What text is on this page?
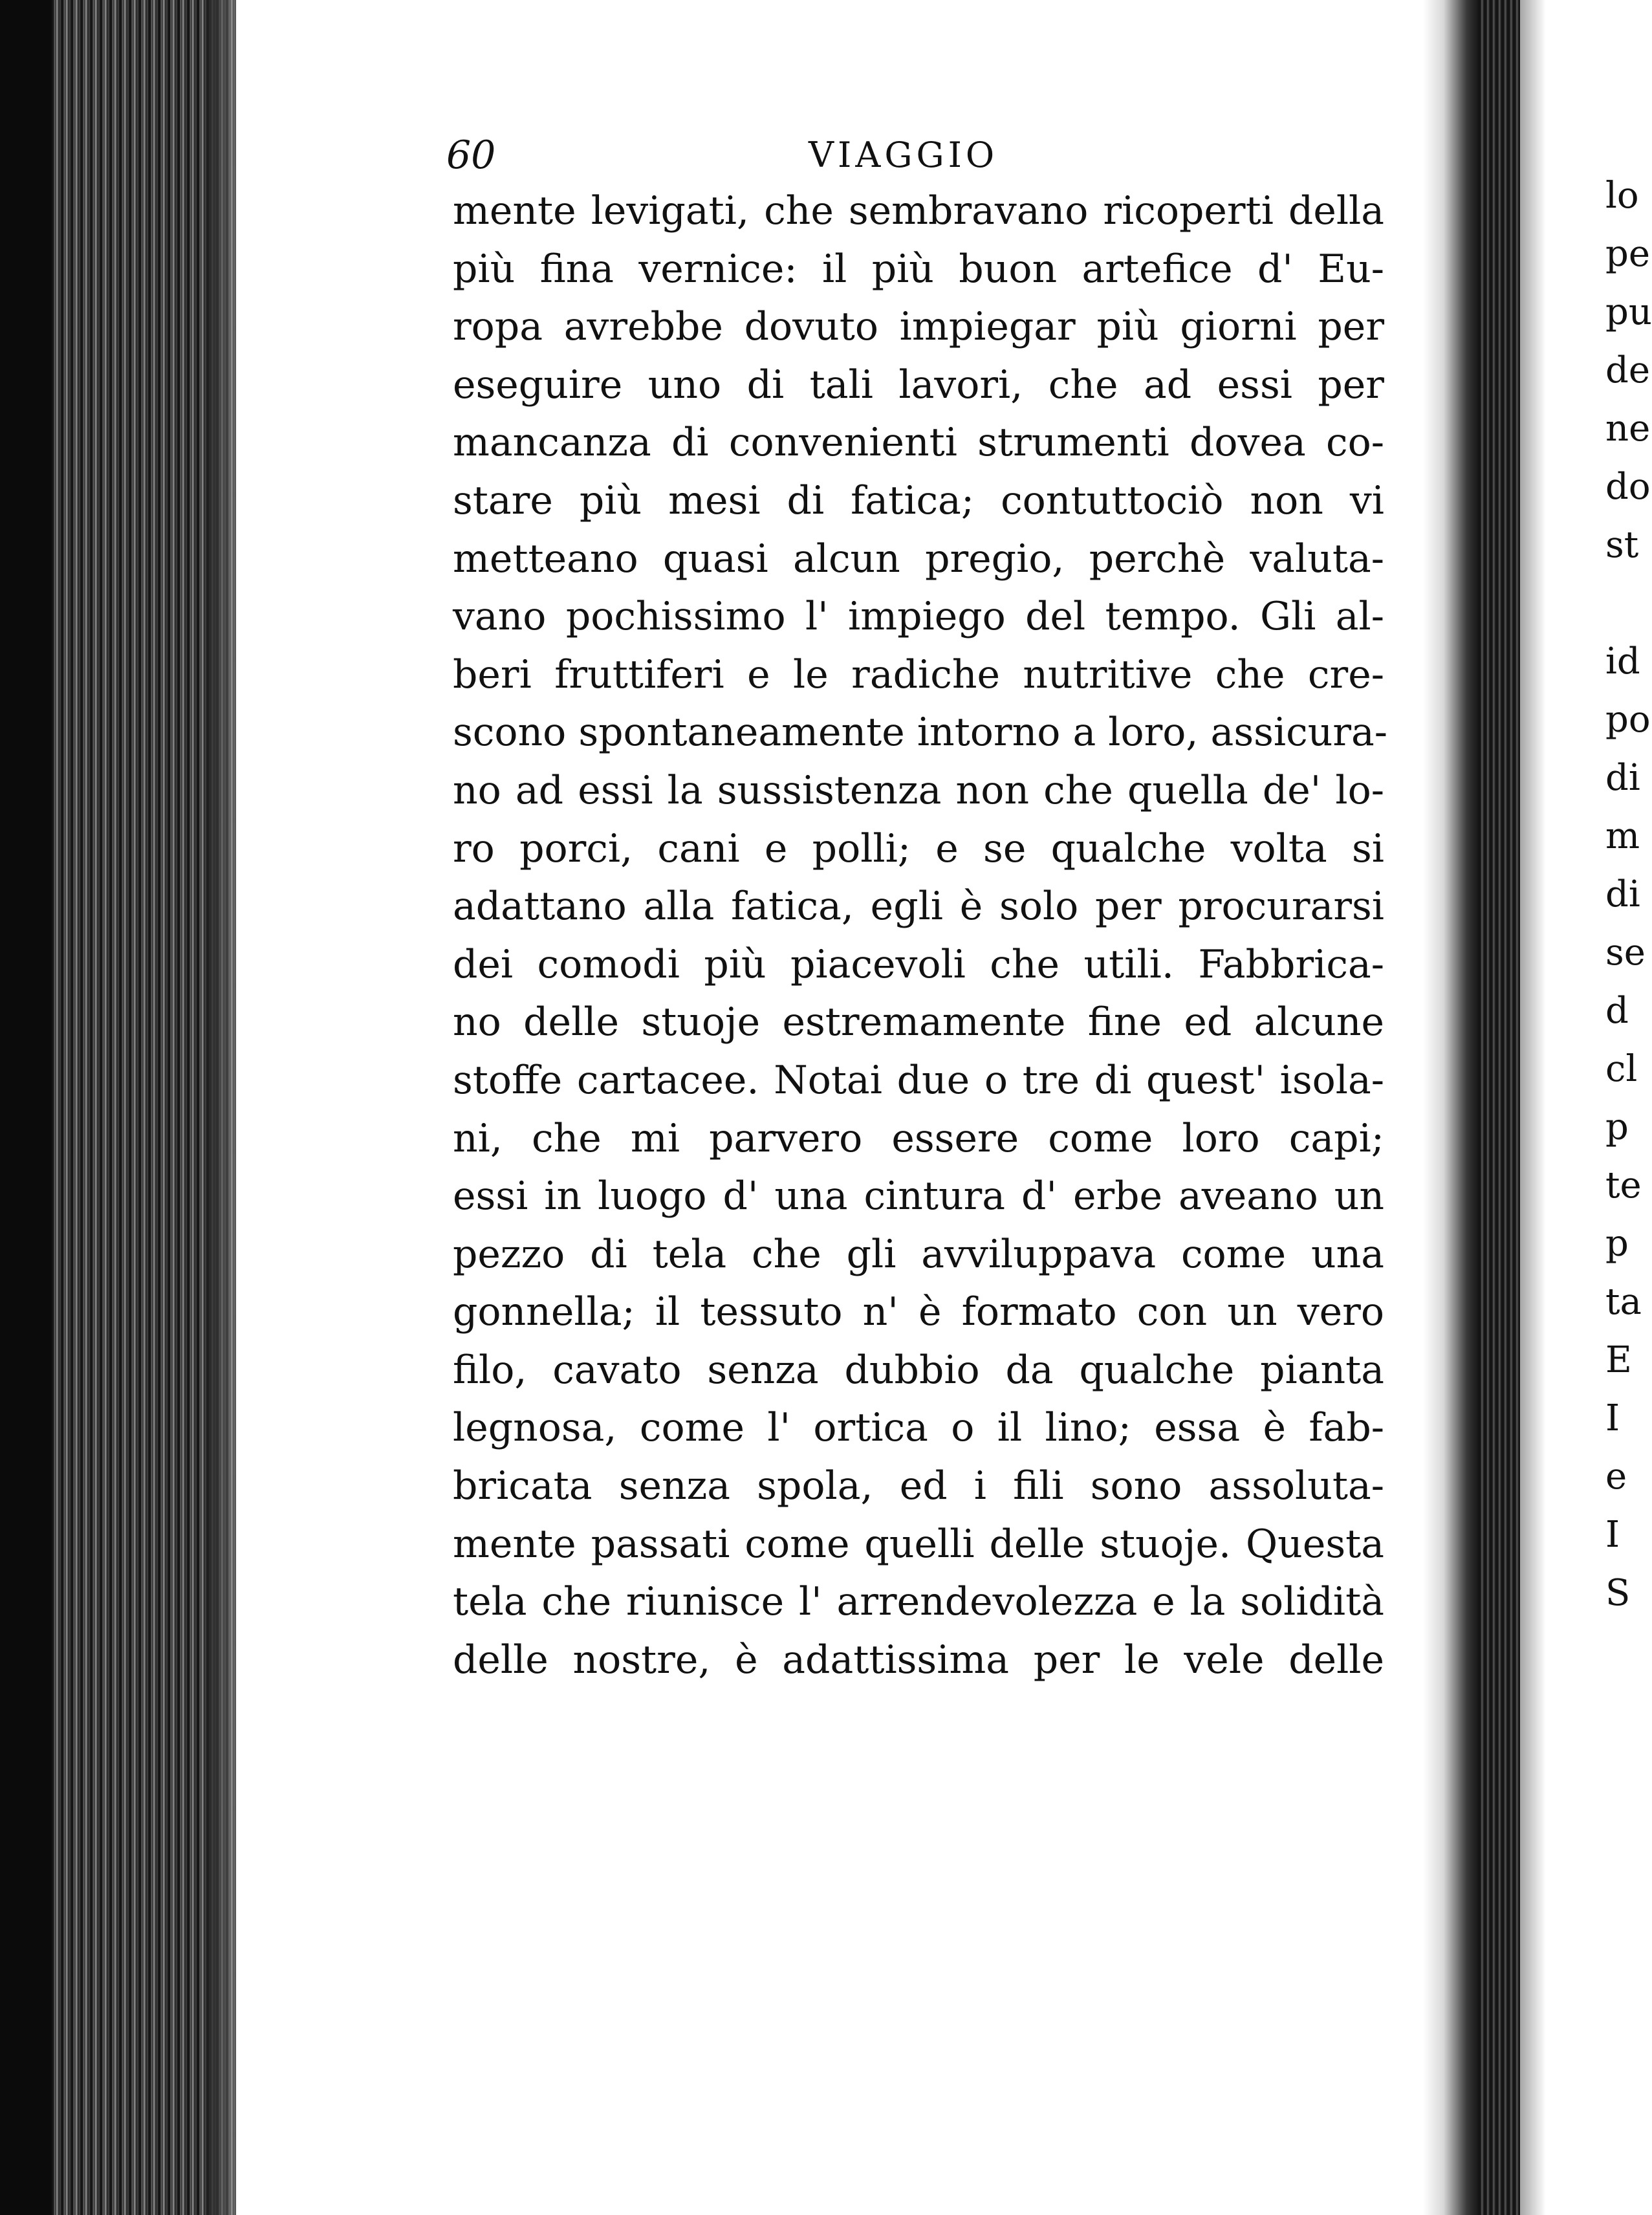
60	VIAGGIO
mente levigati, che sembravano ricoperti della
più fina vernice: il più buon artefice d' Eu-
ropa avrebbe dovuto impiegar più giorni per
eseguire uno di tali lavori, che ad essi per
mancanza di convenienti strumenti dovea co-
stare più mesi di fatica; contuttociò non vi
metteano quasi alcun pregio, perchè valuta-
vano pochissimo l' impiego del tempo. Gli al-
beri fruttiferi e le radiche nutritive che cre-
scono spontaneamente intorno a loro, assicura-
no ad essi la sussistenza non che quella de' lo-
ro porci, cani e polli; e se qualche volta si
adattano alla fatica, egli è solo per procurarsi
dei comodi più piacevoli che utili. Fabbrica-
no delle stuoje estremamente fine ed alcune
stoffe cartacee. Notai due o tre di quest' isola-
ni, che mi parvero essere come loro capi;
essi in luogo d' una cintura d' erbe aveano un
pezzo di tela che gli avviluppava come una
gonnella; il tessuto n' è formato con un vero
filo, cavato senza dubbio da qualche pianta
legnosa, come l' ortica o il lino; essa è fab-
bricata senza spola, ed i fili sono assoluta-
mente passati come quelli delle stuoje. Questa
tela che riunisce l' arrendevolezza e la solidità
delle nostre, è adattissima per le vele delle
lo
pe
pu
de
ne
do
st
id
po
di
m
di
se
d
cl
p
te
p
ta
E
I
e
I
S
